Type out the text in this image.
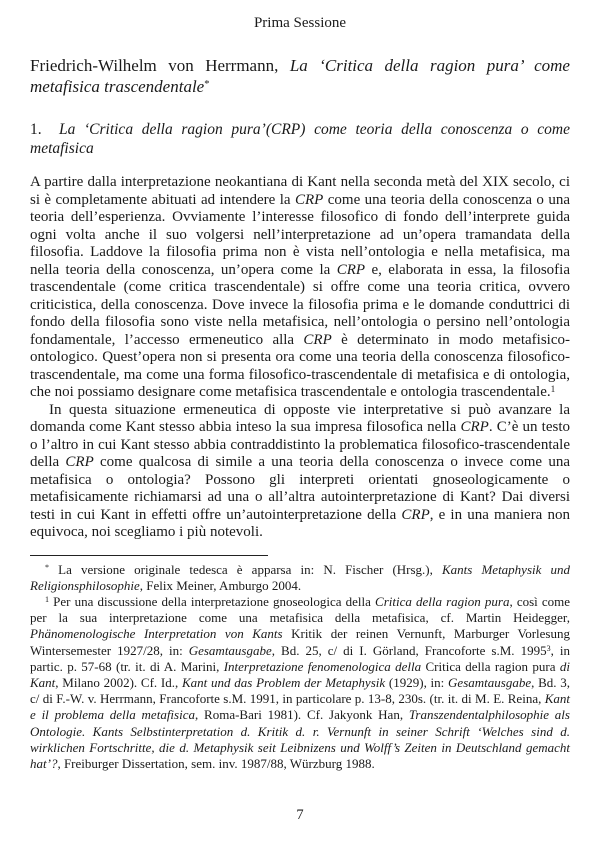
Prima Sessione
Friedrich-Wilhelm von Herrmann, La ‘Critica della ragion pura’ come metafisica trascendentale*
1.  La ‘Critica della ragion pura’(CRP) come teoria della conoscenza o come metafisica

A partire dalla interpretazione neokantiana di Kant nella seconda metà del XIX secolo, ci si è completamente abituati ad intendere la CRP come una teoria della conoscenza o una teoria dell’esperienza. Ovviamente l’interesse filosofico di fondo dell’interprete guida ogni volta anche il suo volgersi nell’interpretazione ad un’opera tramandata della filosofia. Laddove la filosofia prima non è vista nell’ontologia e nella metafisica, ma nella teoria della conoscenza, un’opera come la CRP e, elaborata in essa, la filosofia trascendentale (come critica trascendentale) si offre come una teoria critica, ovvero criticistica, della conoscenza. Dove invece la filosofia prima e le domande conduttrici di fondo della filosofia sono viste nella metafisica, nell’ontologia o persino nell’ontologia fondamentale, l’accesso ermeneutico alla CRP è determinato in modo metafisico-ontologico. Quest’opera non si presenta ora come una teoria della conoscenza filosofico-trascendentale, ma come una forma filosofico-trascendentale di metafisica e di ontologia, che noi possiamo designare come metafisica trascendentale e ontologia trascendentale.$^1$

In questa situazione ermeneutica di opposte vie interpretative si può avanzare la domanda come Kant stesso abbia inteso la sua impresa filosofica nella CRP. C’è un testo o l’altro in cui Kant stesso abbia contraddistinto la problematica filosofico-trascendentale della CRP come qualcosa di simile a una teoria della conoscenza o invece come una metafisica o ontologia? Possono gli interpreti orientati gnoseologicamente o metafisicamente richiamarsi ad una o all’altra autointerpretazione di Kant? Dai diversi testi in cui Kant in effetti offre un’autointerpretazione della CRP, e in una maniera non equivoca, noi scegliamo i più notevoli.

* La versione originale tedesca è apparsa in: N. Fischer (Hrsg.), Kants Metaphysik und Religionsphilosophie, Felix Meiner, Amburgo 2004.

$^1$ Per una discussione della interpretazione gnoseologica della Critica della ragion pura, così come per la sua interpretazione come una metafisica della metafisica, cf. Martin Heidegger, Phänomenologische Interpretation von Kants Kritik der reinen Vernunft, Marburger Vorlesung Wintersemester 1927/28, in: Gesamtausgabe, Bd. 25, c/ di I. Görland, Francoforte s.M. 1995$^3$, in partic. p. 57-68 (tr. it. di A. Marini, Interpretazione fenomenologica della Critica della ragion pura di Kant, Milano 2002). Cf. Id., Kant und das Problem der Metaphysik (1929), in: Gesamtausgabe, Bd. 3, c/ di F.-W. v. Herrmann, Francoforte s.M. 1991, in particolare p. 13-8, 230s. (tr. it. di M. E. Reina, Kant e il problema della metafisica, Roma-Bari 1981). Cf. Jakyonk Han, Transzendentalphilosophie als Ontologie. Kants Selbstinterpretation d. Kritik d. r. Vernunft in seiner Schrift ‘Welches sind d. wirklichen Fortschritte, die d. Metaphysik seit Leibnizens und Wolff’s Zeiten in Deutschland gemacht hat’?, Freiburger Dissertation, sem. inv. 1987/88, Würzburg 1988.

7
